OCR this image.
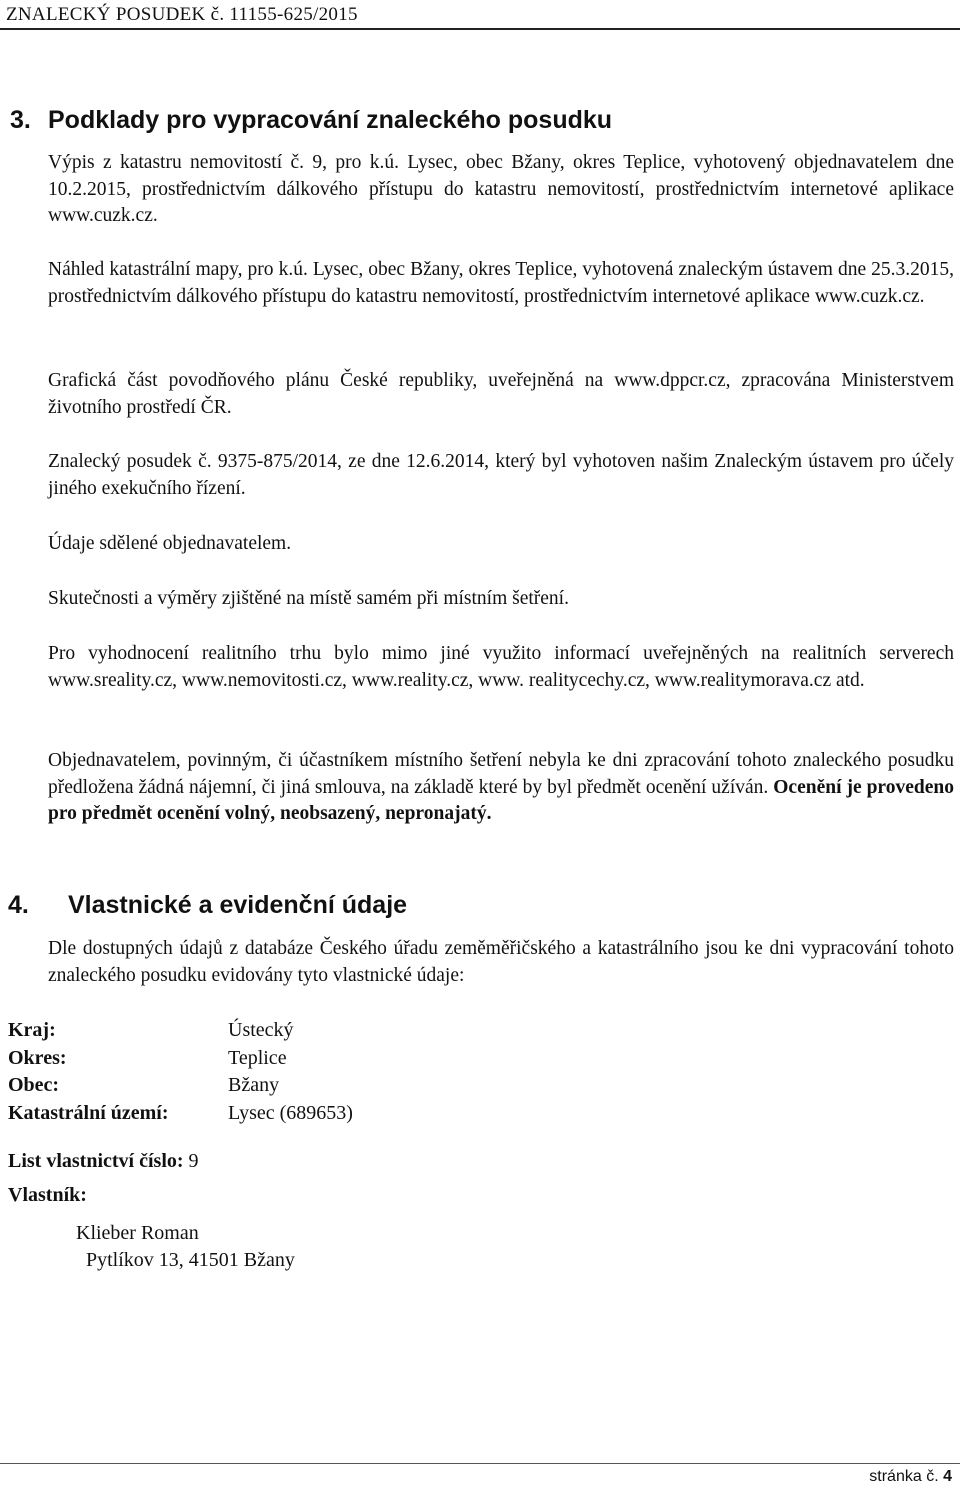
ZNALECKÝ POSUDEK č. 11155-625/2015
3. Podklady pro vypracování znaleckého posudku
Výpis z katastru nemovitostí č. 9, pro k.ú. Lysec, obec Bžany, okres Teplice, vyhotovený objednavatelem dne 10.2.2015, prostřednictvím dálkového přístupu do katastru nemovitostí, prostřednictvím internetové aplikace www.cuzk.cz.
Náhled katastrální mapy, pro k.ú. Lysec, obec Bžany, okres Teplice, vyhotovená znaleckým ústavem dne 25.3.2015, prostřednictvím dálkového přístupu do katastru nemovitostí, prostřednictvím internetové aplikace www.cuzk.cz.
Grafická část povodňového plánu České republiky, uveřejněná na www.dppcr.cz, zpracována Ministerstvem životního prostředí ČR.
Znalecký posudek č. 9375-875/2014, ze dne 12.6.2014, který byl vyhotoven našim Znaleckým ústavem pro účely jiného exekučního řízení.
Údaje sdělené objednavatelem.
Skutečnosti a výměry zjištěné na místě samém při místním šetření.
Pro vyhodnocení realitního trhu bylo mimo jiné využito informací uveřejněných na realitních serverech www.sreality.cz, www.nemovitosti.cz, www.reality.cz, www. realitycechy.cz, www.realitymorava.cz atd.
Objednavatelem, povinným, či účastníkem místního šetření nebyla ke dni zpracování tohoto znaleckého posudku předložena žádná nájemní, či jiná smlouva, na základě které by byl předmět ocenění užíván. Ocenění je provedeno pro předmět ocenění volný, neobsazený, nepronajatý.
4. Vlastnické a evidenční údaje
Dle dostupných údajů z databáze Českého úřadu zeměměřičského a katastrálního jsou ke dni vypracování tohoto znaleckého posudku evidovány tyto vlastnické údaje:
Kraj:	Ústecký
Okres:	Teplice
Obec:	Bžany
Katastrální území:	Lysec (689653)
List vlastnictví číslo: 9
Vlastník:
Klieber Roman
Pytlíkov 13, 41501 Bžany
stránka č. 4
